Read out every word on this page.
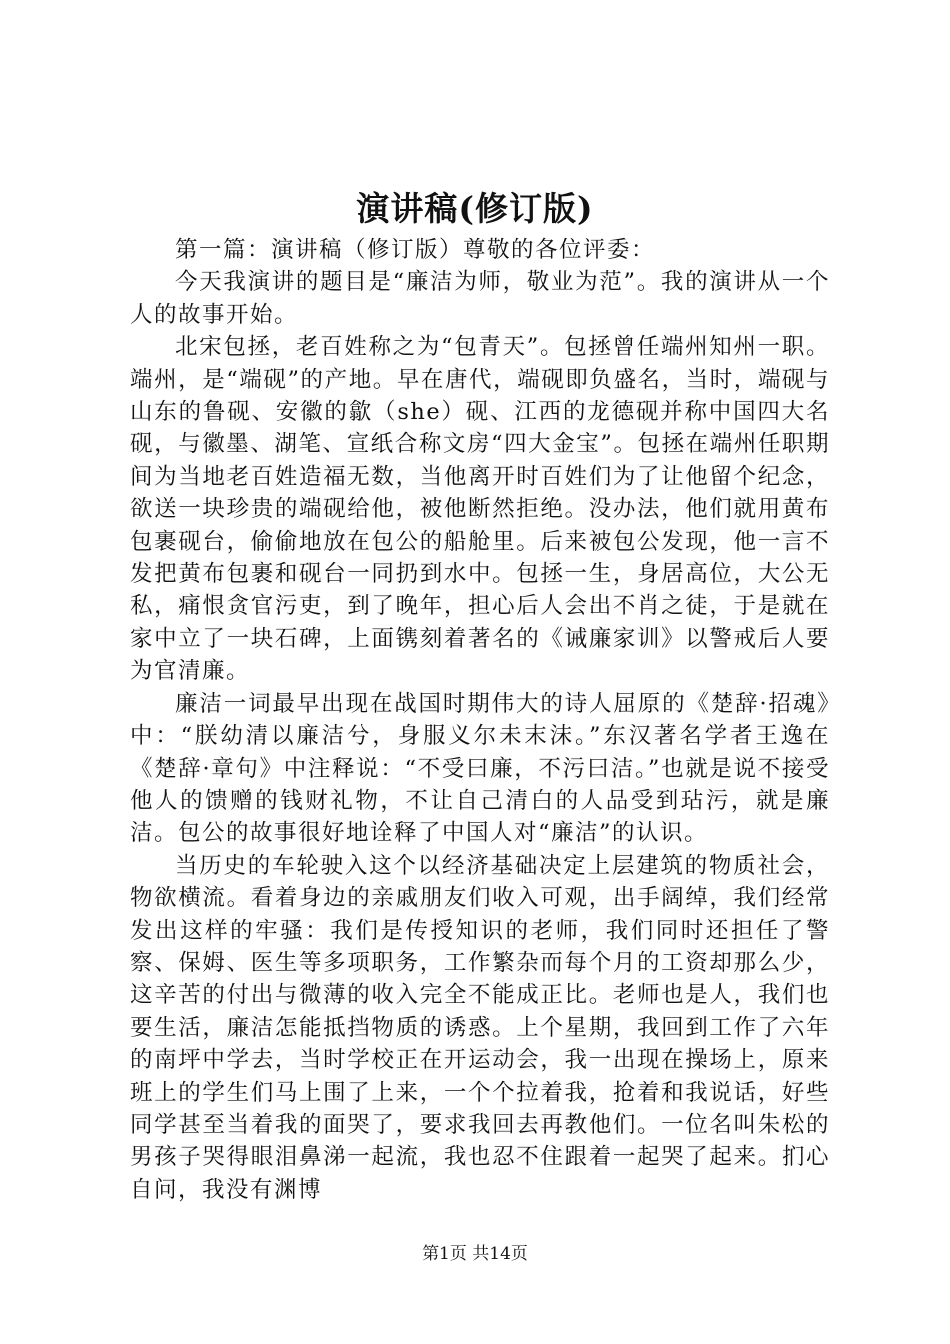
演讲稿(修订版)

第一篇：演讲稿（修订版）尊敬的各位评委：

今天我演讲的题目是“廉洁为师，敬业为范”。我的演讲从一个人的故事开始。

北宋包拯，老百姓称之为“包青天”。包拯曾任端州知州一职。端州，是“端砚”的产地。早在唐代，端砚即负盛名，当时，端砚与山东的鲁砚、安徽的歙（she）砚、江西的龙德砚并称中国四大名砚，与徽墨、湖笔、宣纸合称文房“四大金宝”。包拯在端州任职期间为当地老百姓造福无数，当他离开时百姓们为了让他留个纪念，欲送一块珍贵的端砚给他，被他断然拒绝。没办法，他们就用黄布包裹砚台，偷偷地放在包公的船舱里。后来被包公发现，他一言不发把黄布包裹和砚台一同扔到水中。包拯一生，身居高位，大公无私，痛恨贪官污吏，到了晚年，担心后人会出不肖之徒，于是就在家中立了一块石碑，上面镌刻着著名的《诫廉家训》以警戒后人要为官清廉。

廉洁一词最早出现在战国时期伟大的诗人屈原的《楚辞·招魂》中：“朕幼清以廉洁兮，身服义尔未末沫。”东汉著名学者王逸在《楚辞·章句》中注释说：“不受曰廉，不污曰洁。”也就是说不接受他人的馈赠的钱财礼物，不让自己清白的人品受到玷污，就是廉洁。包公的故事很好地诠释了中国人对“廉洁”的认识。

当历史的车轮驶入这个以经济基础决定上层建筑的物质社会，物欲横流。看着身边的亲戚朋友们收入可观，出手阔绰，我们经常发出这样的牢骚：我们是传授知识的老师，我们同时还担任了警察、保姆、医生等多项职务，工作繁杂而每个月的工资却那么少，这辛苦的付出与微薄的收入完全不能成正比。老师也是人，我们也要生活，廉洁怎能抵挡物质的诱惑。上个星期，我回到工作了六年的南坪中学去，当时学校正在开运动会，我一出现在操场上，原来班上的学生们马上围了上来，一个个拉着我，抢着和我说话，好些同学甚至当着我的面哭了，要求我回去再教他们。一位名叫朱松的男孩子哭得眼泪鼻涕一起流，我也忍不住跟着一起哭了起来。扪心自问，我没有渊博

第1页 共14页
